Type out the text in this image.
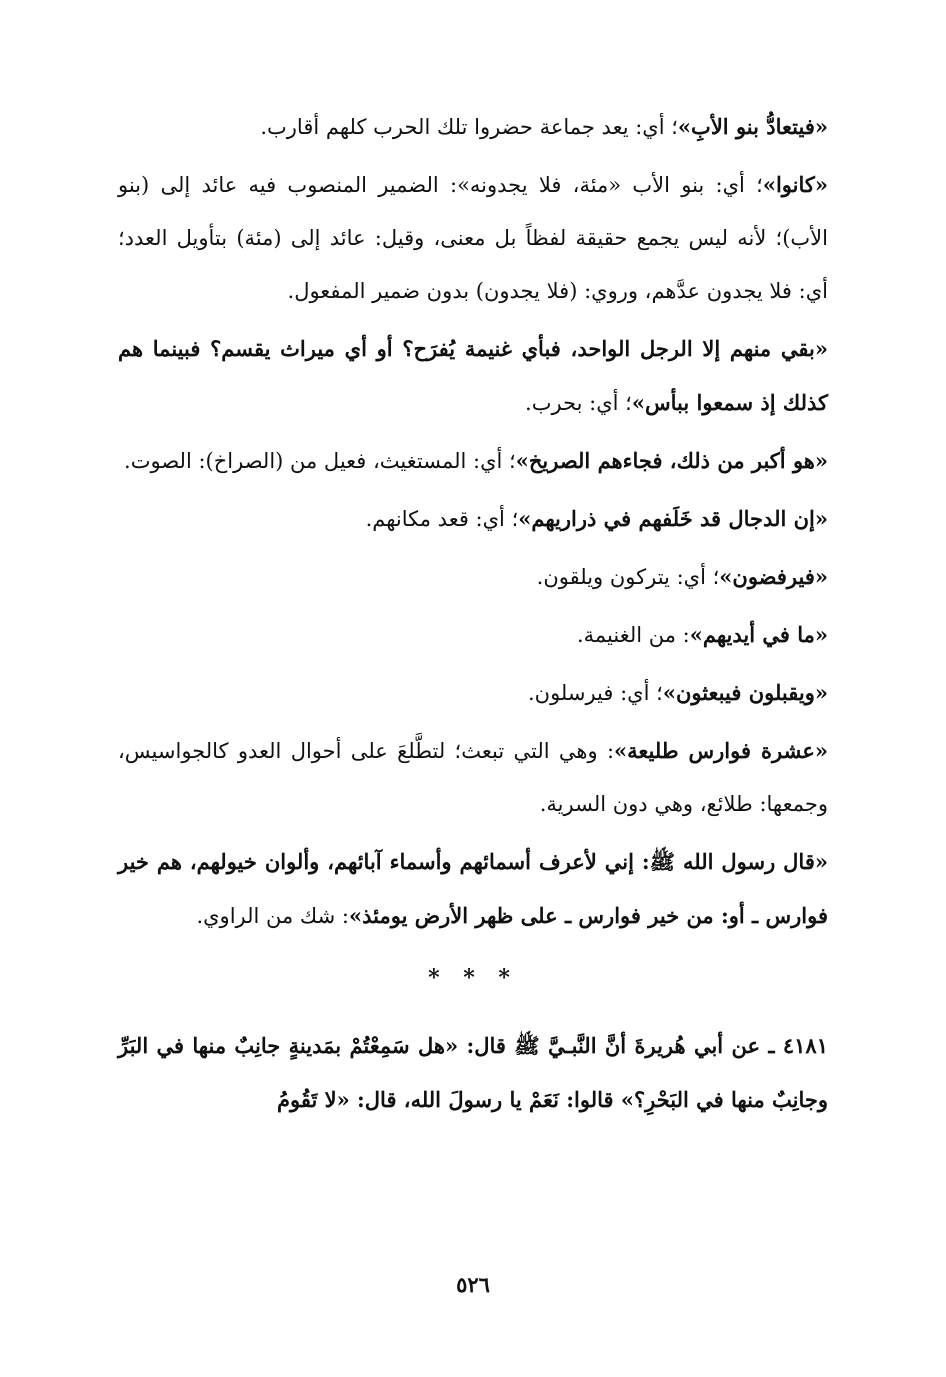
«فيتعادُّ بنو الأبِ»؛ أي: يعد جماعة حضروا تلك الحرب كلهم أقارب.

«كانوا»؛ أي: بنو الأب «مئة، فلا يجدونه»: الضمير المنصوب فيه عائد إلى (بنو الأب)؛ لأنه ليس يجمع حقيقة لفظاً بل معنى، وقيل: عائد إلى (مئة) بتأويل العدد؛ أي: فلا يجدون عدَّهم، وروي: (فلا يجدون) بدون ضمير المفعول.

«بقي منهم إلا الرجل الواحد، فبأي غنيمة يُفرَح؟ أو أي ميراث يقسم؟ فبينما هم كذلك إذ سمعوا ببأس»؛ أي: بحرب.

«هو أكبر من ذلك، فجاءهم الصريخ»؛ أي: المستغيث، فعيل من (الصراخ): الصوت.

«إن الدجال قد خَلَفهم في ذراريهم»؛ أي: قعد مكانهم.

«فيرفضون»؛ أي: يتركون ويلقون.

«ما في أيديهم»: من الغنيمة.

«ويقبلون فيبعثون»؛ أي: فيرسلون.

«عشرة فوارس طليعة»: وهي التي تبعث؛ لتطَّلعَ على أحوال العدو كالجواسيس، وجمعها: طلائع، وهي دون السرية.

«قال رسول الله ﷺ: إني لأعرف أسمائهم وأسماء آبائهم، وألوان خيولهم، هم خير فوارس ـ أو: من خير فوارس ـ على ظهر الأرض يومئذ»: شك من الراوي.

* * *

٤١٨١ ـ عن أبي هُريرةَ أنَّ النَّبـيَّ ﷺ قال: «هل سَمِعْتُمْ بمَدينةٍ جانِبٌ منها في البَرِّ وجانِبٌ منها في البَحْرِ؟» قالوا: نَعَمْ يا رسولَ الله، قال: «لا تَقُومُ

٥٢٦
